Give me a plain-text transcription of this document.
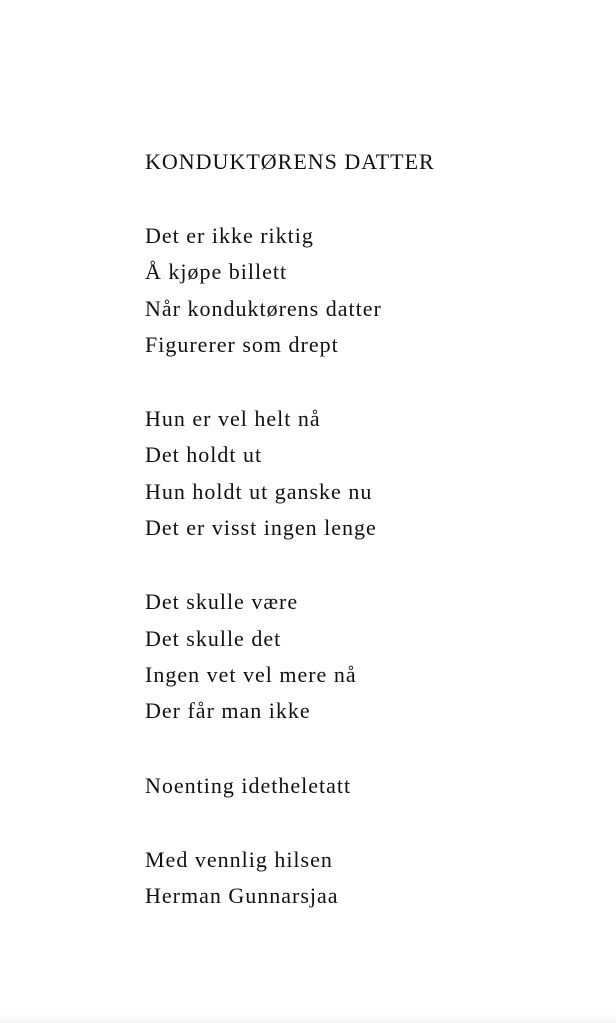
KONDUKTØRENS DATTER
Det er ikke riktig
Å kjøpe billett
Når konduktørens datter
Figurerer som drept
Hun er vel helt nå
Det holdt ut
Hun holdt ut ganske nu
Det er visst ingen lenge
Det skulle være
Det skulle det
Ingen vet vel mere nå
Der får man ikke
Noenting idetheletatt
Med vennlig hilsen
Herman Gunnarsjaa
